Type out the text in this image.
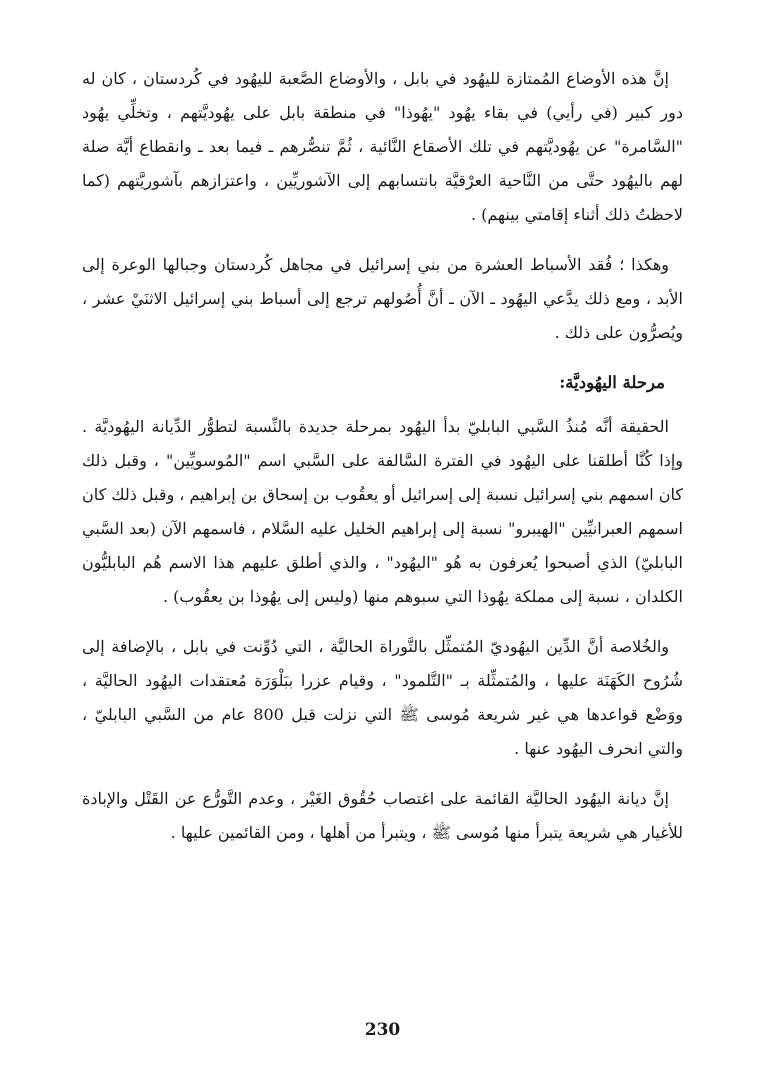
إنَّ هذه الأوضاع المُمتازة لليهُود في بابل ، والأوضاع الصَّعبة لليهُود في كُردستان ، كان له دور كبير (في رأيي) في بقاء يهُود "يهُوذا" في منطقة بابل على يهُوديَّتهم ، وتخلِّي يهُود "السَّامرة" عن يهُوديَّتهم في تلك الأصقاع النَّائية ، ثُمَّ تنصُّرهم ـ فيما بعد ـ وانقطاع أيَّة صلة لهم باليهُود حتَّى من النَّاحية العرْقيَّة بانتسابهم إلى الآشوريِّين ، واعتزازهم بآشوريَّتهم (كما لاحظتُ ذلك أثناء إقامتي بينهم) .

وهكذا ؛ فُقد الأسباط العشرة من بني إسرائيل في مجاهل كُردستان وجبالها الوعرة إلى الأبد ، ومع ذلك يدَّعي اليهُود ـ الآن ـ أنَّ أُصُولهم ترجع إلى أسباط بني إسرائيل الاثنَيْ عشر ، ويُصرُّون على ذلك .

مرحلة اليهُوديَّة:

الحقيقة أنَّه مُنذُ السَّبي البابليّ بدأ اليهُود بمرحلة جديدة بالنِّسبة لتطوُّر الدِّيانة اليهُوديَّة . وإذا كُنَّا أطلقنا على اليهُود في الفترة السَّالفة على السَّبي اسم "المُوسويِّين" ، وقبل ذلك كان اسمهم بني إسرائيل نسبة إلى إسرائيل أو يعقُوب بن إسحاق بن إبراهيم ، وقبل ذلك كان اسمهم العبرانيِّين "الهيبرو" نسبة إلى إبراهيم الخليل عليه السَّلام ، فاسمهم الآن (بعد السَّبي البابليّ) الذي أصبحوا يُعرفون به هُو "اليهُود" ، والذي أطلق عليهم هذا الاسم هُم البابليُّون الكلدان ، نسبة إلى مملكة يهُوذا التي سبوهم منها (وليس إلى يهُوذا بن يعقُوب) .

والخُلاصة أنَّ الدِّين اليهُوديّ المُتمثِّل بالتَّوراة الحاليَّة ، التي دُوِّنت في بابل ، بالإضافة إلى شُرُوح الكَهَنَة عليها ، والمُتمثِّلة بـ "التَّلمود" ، وقيام عزرا ببَلْوَرَة مُعتقدات اليهُود الحاليَّة ، ووَضْع قواعدها هي غير شريعة مُوسى ﷺ التي نزلت قبل 800 عام من السَّبي البابليّ ، والتي انحرف اليهُود عنها .

إنَّ ديانة اليهُود الحاليَّة القائمة على اغتصاب حُقُوق الغَيْر ، وعدم التَّورُّع عن القَتْل والإبادة للأغيار هي شريعة يتبرأ منها مُوسى ﷺ ، ويتبرأ من أهلها ، ومن القائمين عليها .

230
